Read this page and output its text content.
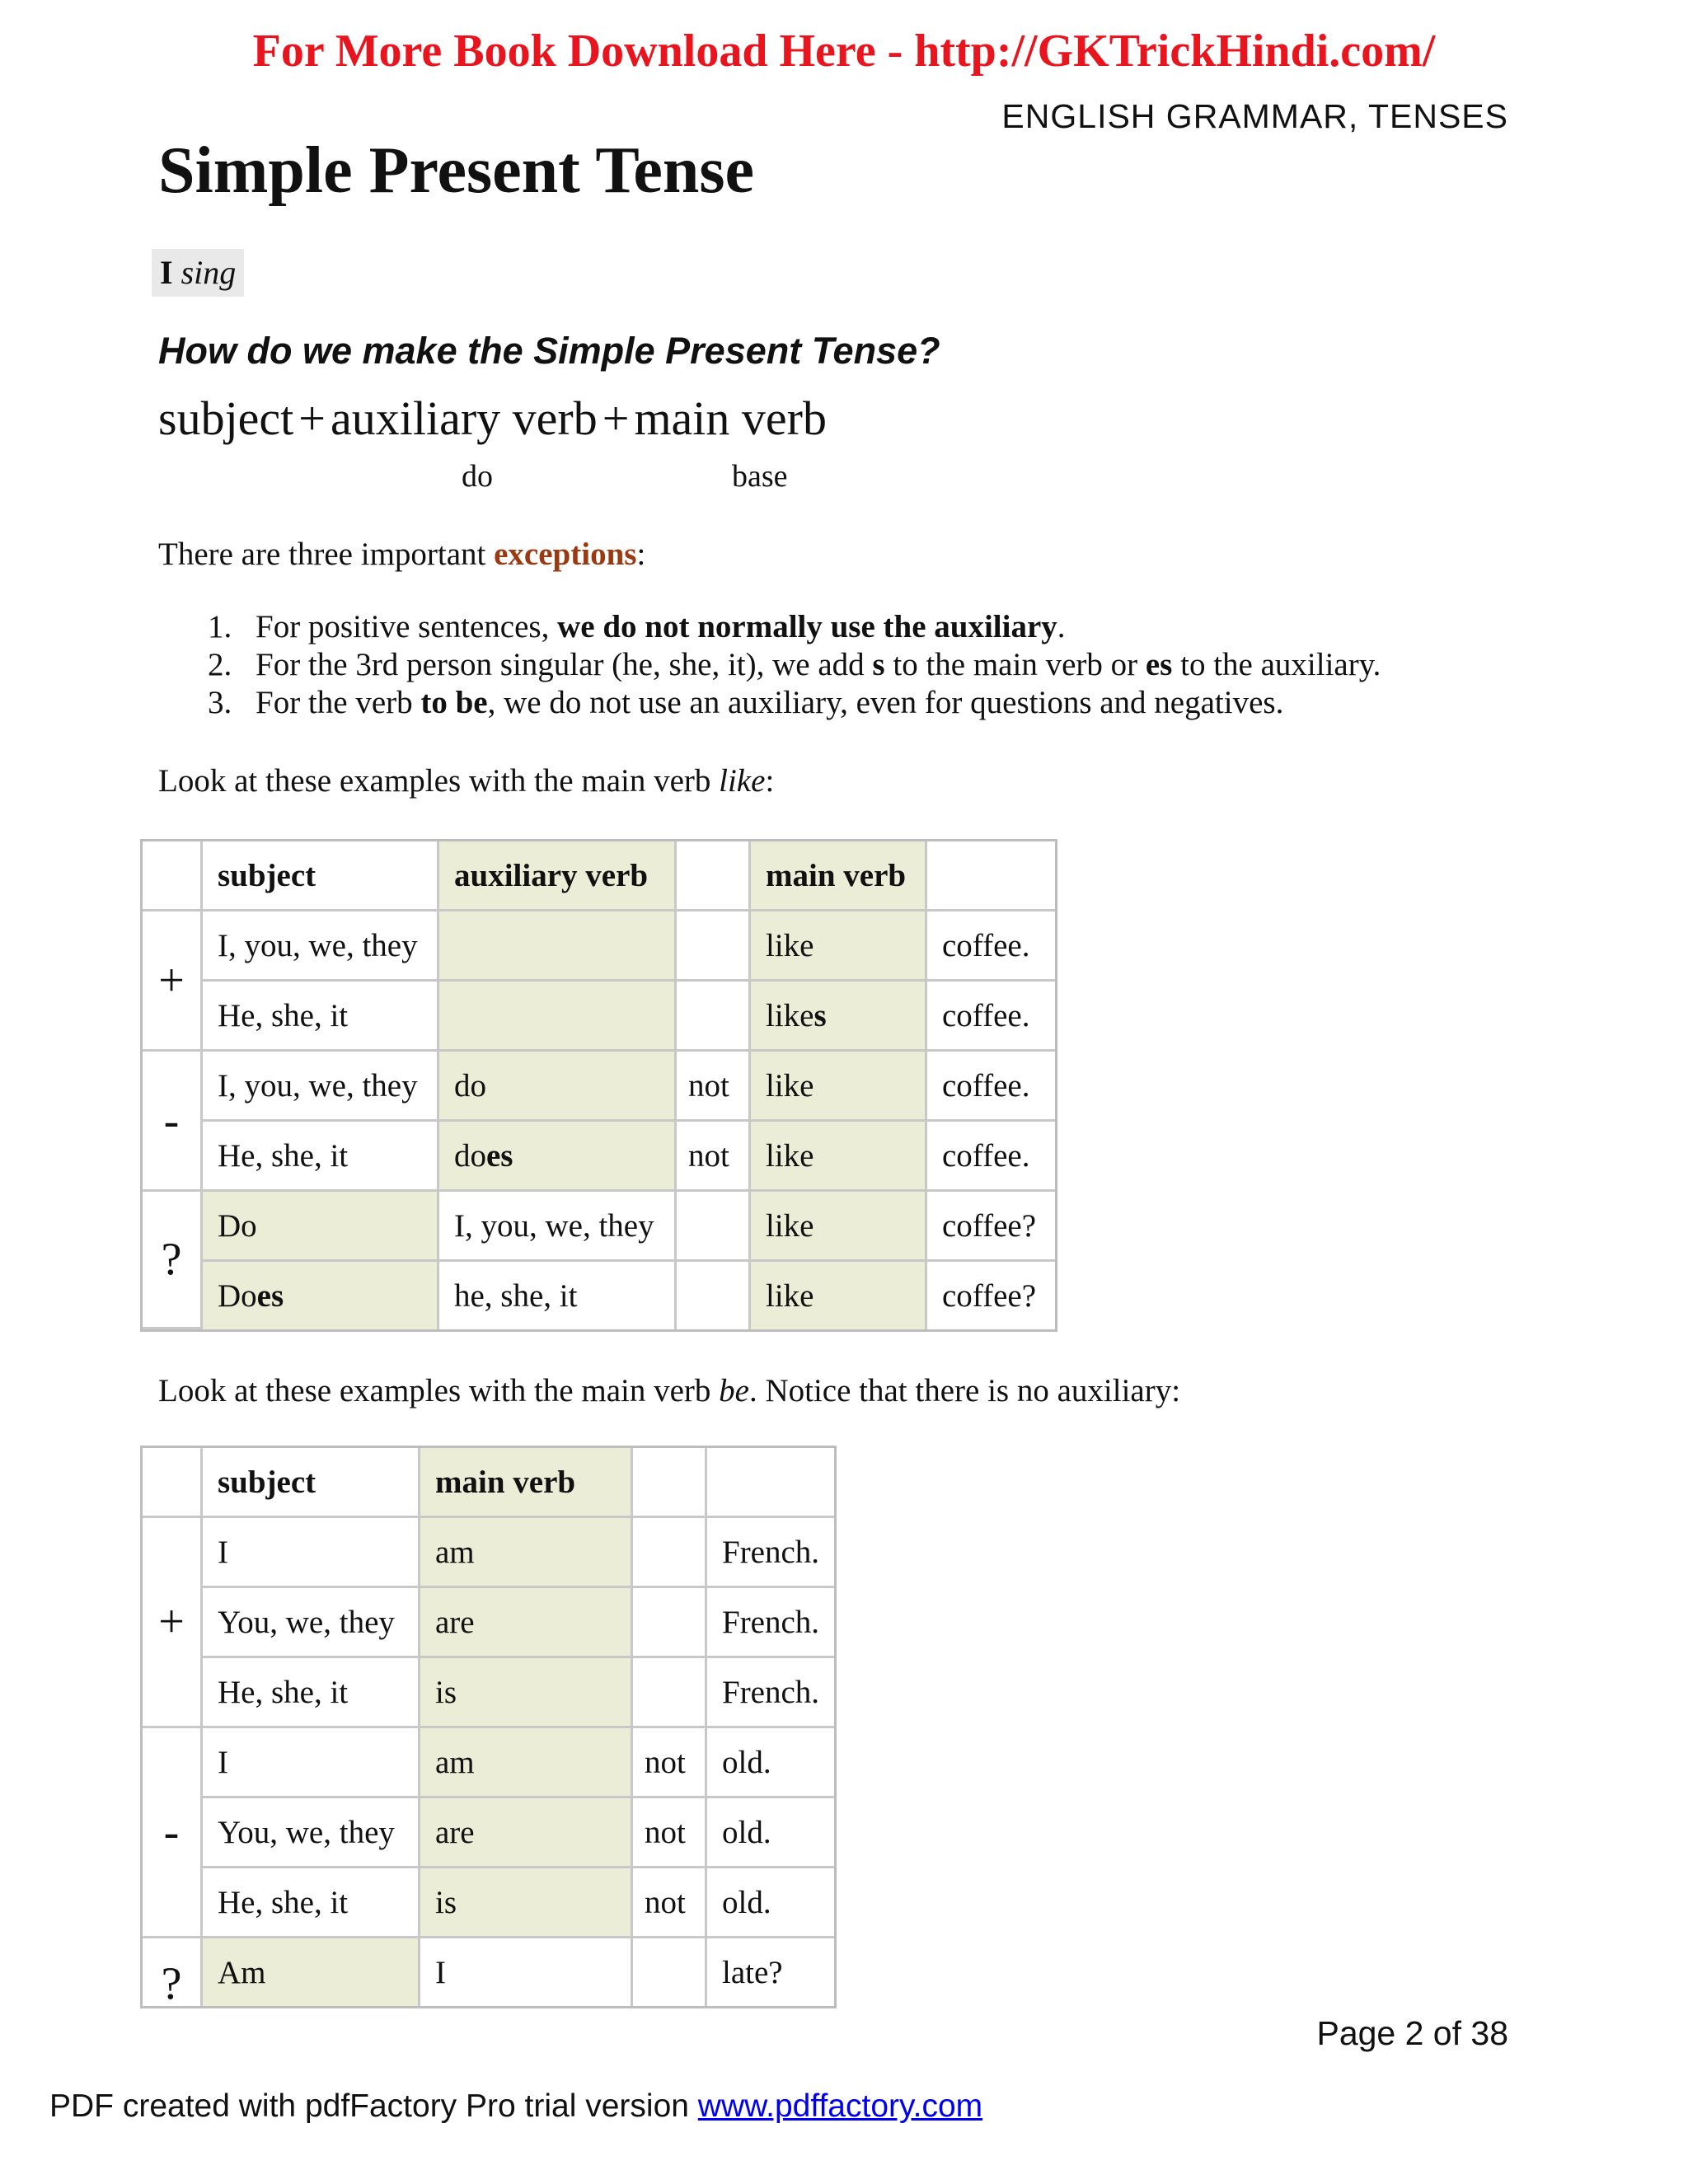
For More Book Download Here - http://GKTrickHindi.com/
ENGLISH GRAMMAR, TENSES
Simple Present Tense
I sing
How do we make the Simple Present Tense?
subject + auxiliary verb + main verb
do	base
There are three important exceptions:
1. For positive sentences, we do not normally use the auxiliary.
2. For the 3rd person singular (he, she, it), we add s to the main verb or es to the auxiliary.
3. For the verb to be, we do not use an auxiliary, even for questions and negatives.
Look at these examples with the main verb like:
	subject	auxiliary verb		main verb	
+	I, you, we, they			like	coffee.
	He, she, it			likes	coffee.
-	I, you, we, they	do	not	like	coffee.
	He, she, it	does	not	like	coffee.
?	Do	I, you, we, they		like	coffee?
	Does	he, she, it		like	coffee?
Look at these examples with the main verb be. Notice that there is no auxiliary:
	subject	main verb		
+	I	am		French.
	You, we, they	are		French.
	He, she, it	is		French.
-	I	am	not	old.
	You, we, they	are	not	old.
	He, she, it	is	not	old.
?	Am	I		late?
Page 2 of 38
PDF created with pdfFactory Pro trial version www.pdffactory.com
